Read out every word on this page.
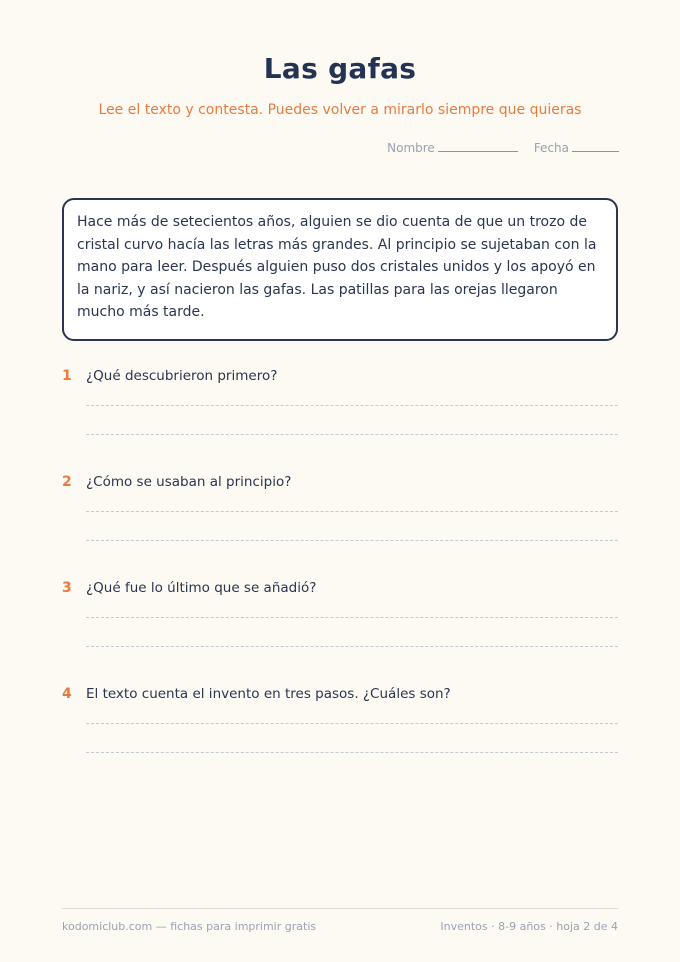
Las gafas
Lee el texto y contesta. Puedes volver a mirarlo siempre que quieras
Nombre	Fecha
Hace más de setecientos años, alguien se dio cuenta de que un trozo de cristal curvo hacía las letras más grandes. Al principio se sujetaban con la mano para leer. Después alguien puso dos cristales unidos y los apoyó en la nariz, y así nacieron las gafas. Las patillas para las orejas llegaron mucho más tarde.
1	¿Qué descubrieron primero?
2	¿Cómo se usaban al principio?
3	¿Qué fue lo último que se añadió?
4	El texto cuenta el invento en tres pasos. ¿Cuáles son?
kodomiclub.com — fichas para imprimir gratis	Inventos · 8-9 años · hoja 2 de 4
